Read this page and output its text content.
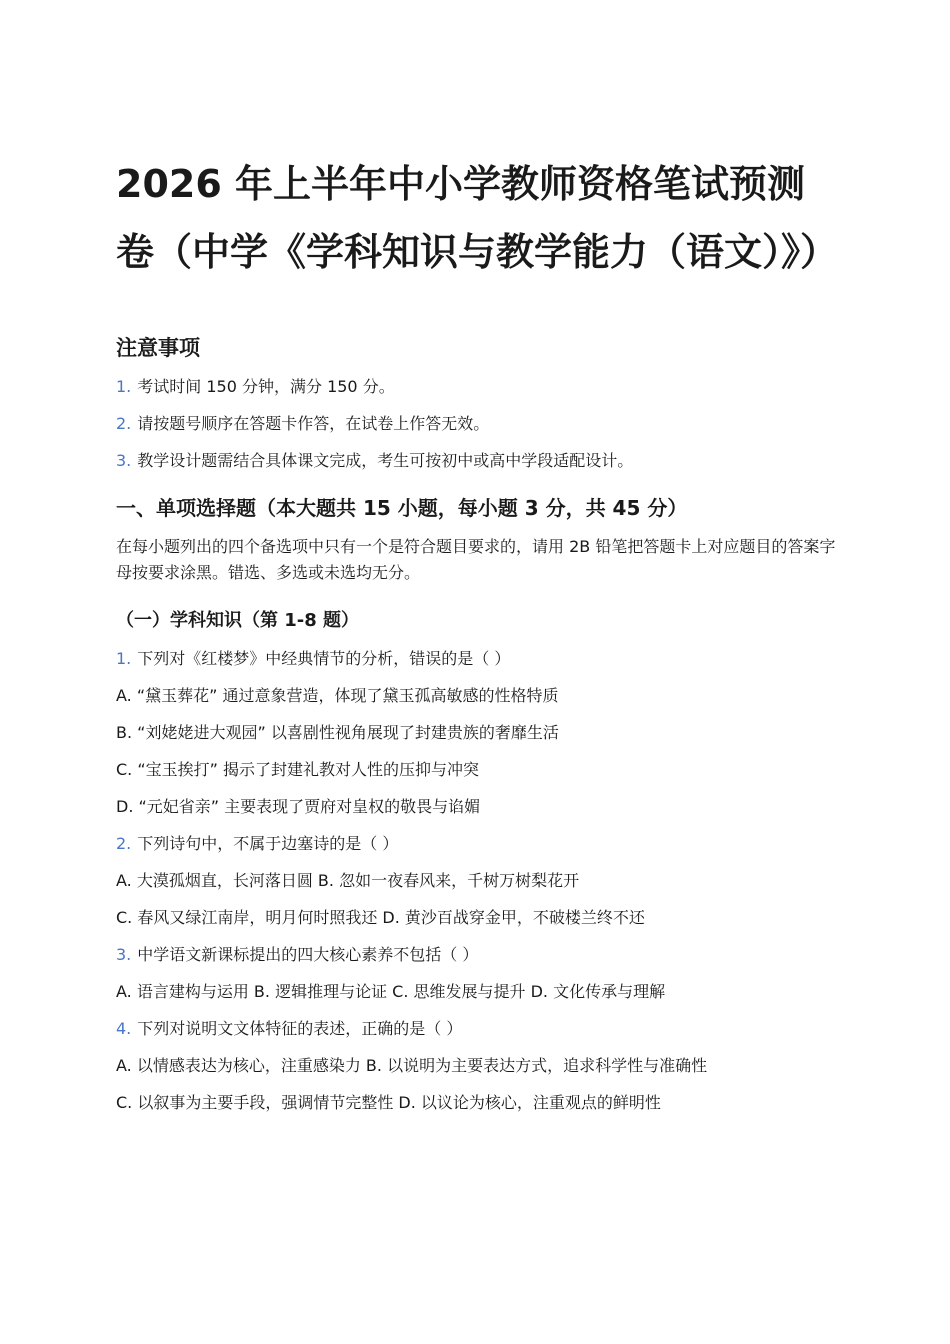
2026 年上半年中小学教师资格笔试预测卷（中学《学科知识与教学能力（语文）》）
注意事项
1. 考试时间 150 分钟，满分 150 分。
2. 请按题号顺序在答题卡作答，在试卷上作答无效。
3. 教学设计题需结合具体课文完成，考生可按初中或高中学段适配设计。
一、单项选择题（本大题共 15 小题，每小题 3 分，共 45 分）

在每小题列出的四个备选项中只有一个是符合题目要求的，请用 2B 铅笔把答题卡上对应题目的答案字母按要求涂黑。错选、多选或未选均无分。

（一）学科知识（第 1-8 题）
1. 下列对《红楼梦》中经典情节的分析，错误的是（ ）
A. “黛玉葬花” 通过意象营造，体现了黛玉孤高敏感的性格特质
B. “刘姥姥进大观园” 以喜剧性视角展现了封建贵族的奢靡生活
C. “宝玉挨打” 揭示了封建礼教对人性的压抑与冲突
D. “元妃省亲” 主要表现了贾府对皇权的敬畏与谄媚
2. 下列诗句中，不属于边塞诗的是（ ）
A. 大漠孤烟直，长河落日圆 B. 忽如一夜春风来，千树万树梨花开
C. 春风又绿江南岸，明月何时照我还 D. 黄沙百战穿金甲，不破楼兰终不还
3. 中学语文新课标提出的四大核心素养不包括（ ）
A. 语言建构与运用 B. 逻辑推理与论证 C. 思维发展与提升 D. 文化传承与理解
4. 下列对说明文文体特征的表述，正确的是（ ）
A. 以情感表达为核心，注重感染力 B. 以说明为主要表达方式，追求科学性与准确性
C. 以叙事为主要手段，强调情节完整性 D. 以议论为核心，注重观点的鲜明性
